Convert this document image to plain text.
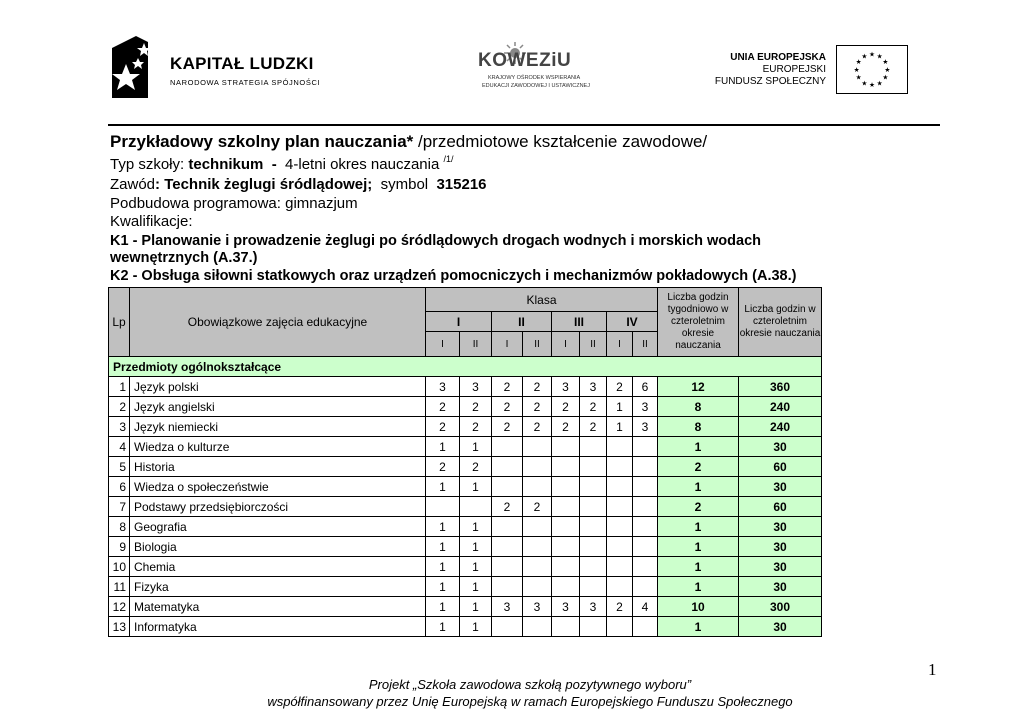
KAPITAŁ LUDZKI
NARODOWA STRATEGIA SPÓJNOŚCI
KOWEZiU
KRAJOWY OŚRODEK WSPIERANIA
EDUKACJI ZAWODOWEJ I USTAWICZNEJ
UNIA EUROPEJSKA
EUROPEJSKI
FUNDUSZ SPOŁECZNY
★ ★
★
★
★
★
★
★
★
★
★
★
Przykładowy szkolny plan nauczania* /przedmiotowe kształcenie zawodowe/
Typ szkoły: technikum  -  4-letni okres nauczania $^{/1/}$
Zawód: Technik żeglugi śródlądowej;  symbol  315216
Podbudowa programowa: gimnazjum
Kwalifikacje:
K1 - Planowanie i prowadzenie żeglugi po śródlądowych drogach wodnych i morskich wodach wewnętrznych (A.37.)
K2 - Obsługa siłowni statkowych oraz urządzeń pomocniczych i mechanizmów pokładowych (A.38.)
Lp	Obowiązkowe zajęcia edukacyjne	Klasa								Liczba godzin tygodniowo w czteroletnim okresie nauczania	Liczba godzin w czteroletnim okresie nauczania
		I		II		III		IV			
		I	II	I	II	I	II	I	II		
Przedmioty ogólnokształcące											
1	Język polski	3	3	2	2	3	3	2	6	12	360
2	Język angielski	2	2	2	2	2	2	1	3	8	240
3	Język niemiecki	2	2	2	2	2	2	1	3	8	240
4	Wiedza o kulturze	1	1							1	30
5	Historia	2	2							2	60
6	Wiedza o społeczeństwie	1	1							1	30
7	Podstawy przedsiębiorczości			2	2					2	60
8	Geografia	1	1							1	30
9	Biologia	1	1							1	30
10	Chemia	1	1							1	30
11	Fizyka	1	1							1	30
12	Matematyka	1	1	3	3	3	3	2	4	10	300
13	Informatyka	1	1							1	30
1
Projekt „Szkoła zawodowa szkołą pozytywnego wyboru”
współfinansowany przez Unię Europejską w ramach Europejskiego Funduszu Społecznego
